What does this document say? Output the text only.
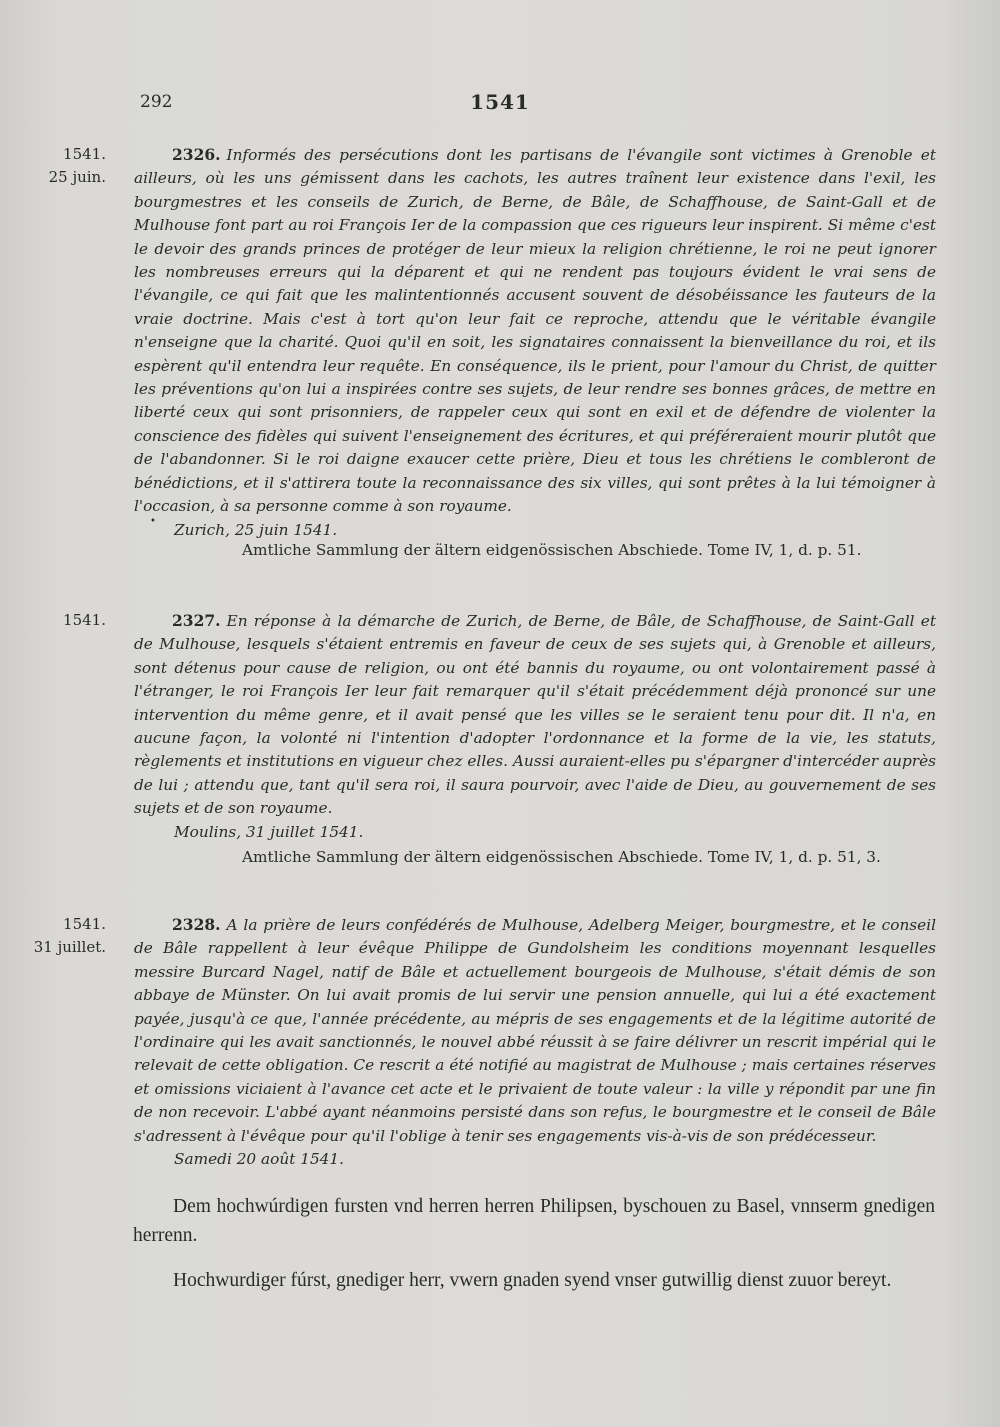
292	1541
1541.
25 juin.

2326. Informés des persécutions dont les partisans de l'évangile sont victimes à Grenoble et ailleurs, où les uns gémissent dans les cachots, les autres traînent leur existence dans l'exil, les bourgmestres et les conseils de Zurich, de Berne, de Bâle, de Schaffhouse, de Saint-Gall et de Mulhouse font part au roi François Ier de la compassion que ces rigueurs leur inspirent. Si même c'est le devoir des grands princes de protéger de leur mieux la religion chrétienne, le roi ne peut ignorer les nombreuses erreurs qui la déparent et qui ne rendent pas toujours évident le vrai sens de l'évangile, ce qui fait que les malintentionnés accusent souvent de désobéissance les fauteurs de la vraie doctrine. Mais c'est à tort qu'on leur fait ce reproche, attendu que le véritable évangile n'enseigne que la charité. Quoi qu'il en soit, les signataires connaissent la bienveillance du roi, et ils espèrent qu'il entendra leur requête. En conséquence, ils le prient, pour l'amour du Christ, de quitter les préventions qu'on lui a inspirées contre ses sujets, de leur rendre ses bonnes grâces, de mettre en liberté ceux qui sont prisonniers, de rappeler ceux qui sont en exil et de défendre de violenter la conscience des fidèles qui suivent l'enseignement des écritures, et qui préféreraient mourir plutôt que de l'abandonner. Si le roi daigne exaucer cette prière, Dieu et tous les chrétiens le combleront de bénédictions, et il s'attirera toute la reconnaissance des six villes, qui sont prêtes à la lui témoigner à l'occasion, à sa personne comme à son royaume.

Zurich, 25 juin 1541.

•

Amtliche Sammlung der ältern eidgenössischen Abschiede. Tome IV, 1, d. p. 51.

1541.	2327. En réponse à la démarche de Zurich, de Berne, de Bâle, de Schaffhouse, de Saint-Gall et de Mulhouse, lesquels s'étaient entremis en faveur de ceux de ses sujets qui, à Grenoble et ailleurs, sont détenus pour cause de religion, ou ont été bannis du royaume, ou ont volontairement passé à l'étranger, le roi François Ier leur fait remarquer qu'il s'était précédemment déjà prononcé sur une intervention du même genre, et il avait pensé que les villes se le seraient tenu pour dit. Il n'a, en aucune façon, la volonté ni l'intention d'adopter l'ordonnance et la forme de la vie, les statuts, règlements et institutions en vigueur chez elles. Aussi auraient-elles pu s'épargner d'intercéder auprès de lui ; attendu que, tant qu'il sera roi, il saura pourvoir, avec l'aide de Dieu, au gouvernement de ses sujets et de son royaume.

Moulins, 31 juillet 1541.

Amtliche Sammlung der ältern eidgenössischen Abschiede. Tome IV, 1, d. p. 51, 3.

1541.
31 juillet.

2328. A la prière de leurs confédérés de Mulhouse, Adelberg Meiger, bourgmestre, et le conseil de Bâle rappellent à leur évêque Philippe de Gundolsheim les conditions moyennant lesquelles messire Burcard Nagel, natif de Bâle et actuellement bourgeois de Mulhouse, s'était démis de son abbaye de Münster. On lui avait promis de lui servir une pension annuelle, qui lui a été exactement payée, jusqu'à ce que, l'année précédente, au mépris de ses engagements et de la légitime autorité de l'ordinaire qui les avait sanctionnés, le nouvel abbé réussit à se faire délivrer un rescrit impérial qui le relevait de cette obligation. Ce rescrit a été notifié au magistrat de Mulhouse ; mais certaines réserves et omissions viciaient à l'avance cet acte et le privaient de toute valeur : la ville y répondit par une fin de non recevoir. L'abbé ayant néanmoins persisté dans son refus, le bourgmestre et le conseil de Bâle s'adressent à l'évêque pour qu'il l'oblige à tenir ses engagements vis-à-vis de son prédécesseur.

Samedi 20 août 1541.

Dem hochwúrdigen fursten vnd herren herren Philipsen, byschouen zu Basel, vnnserm gnedigen herrenn.

Hochwurdiger fúrst, gnediger herr, vwern gnaden syend vnser gutwillig dienst zuuor bereyt.
